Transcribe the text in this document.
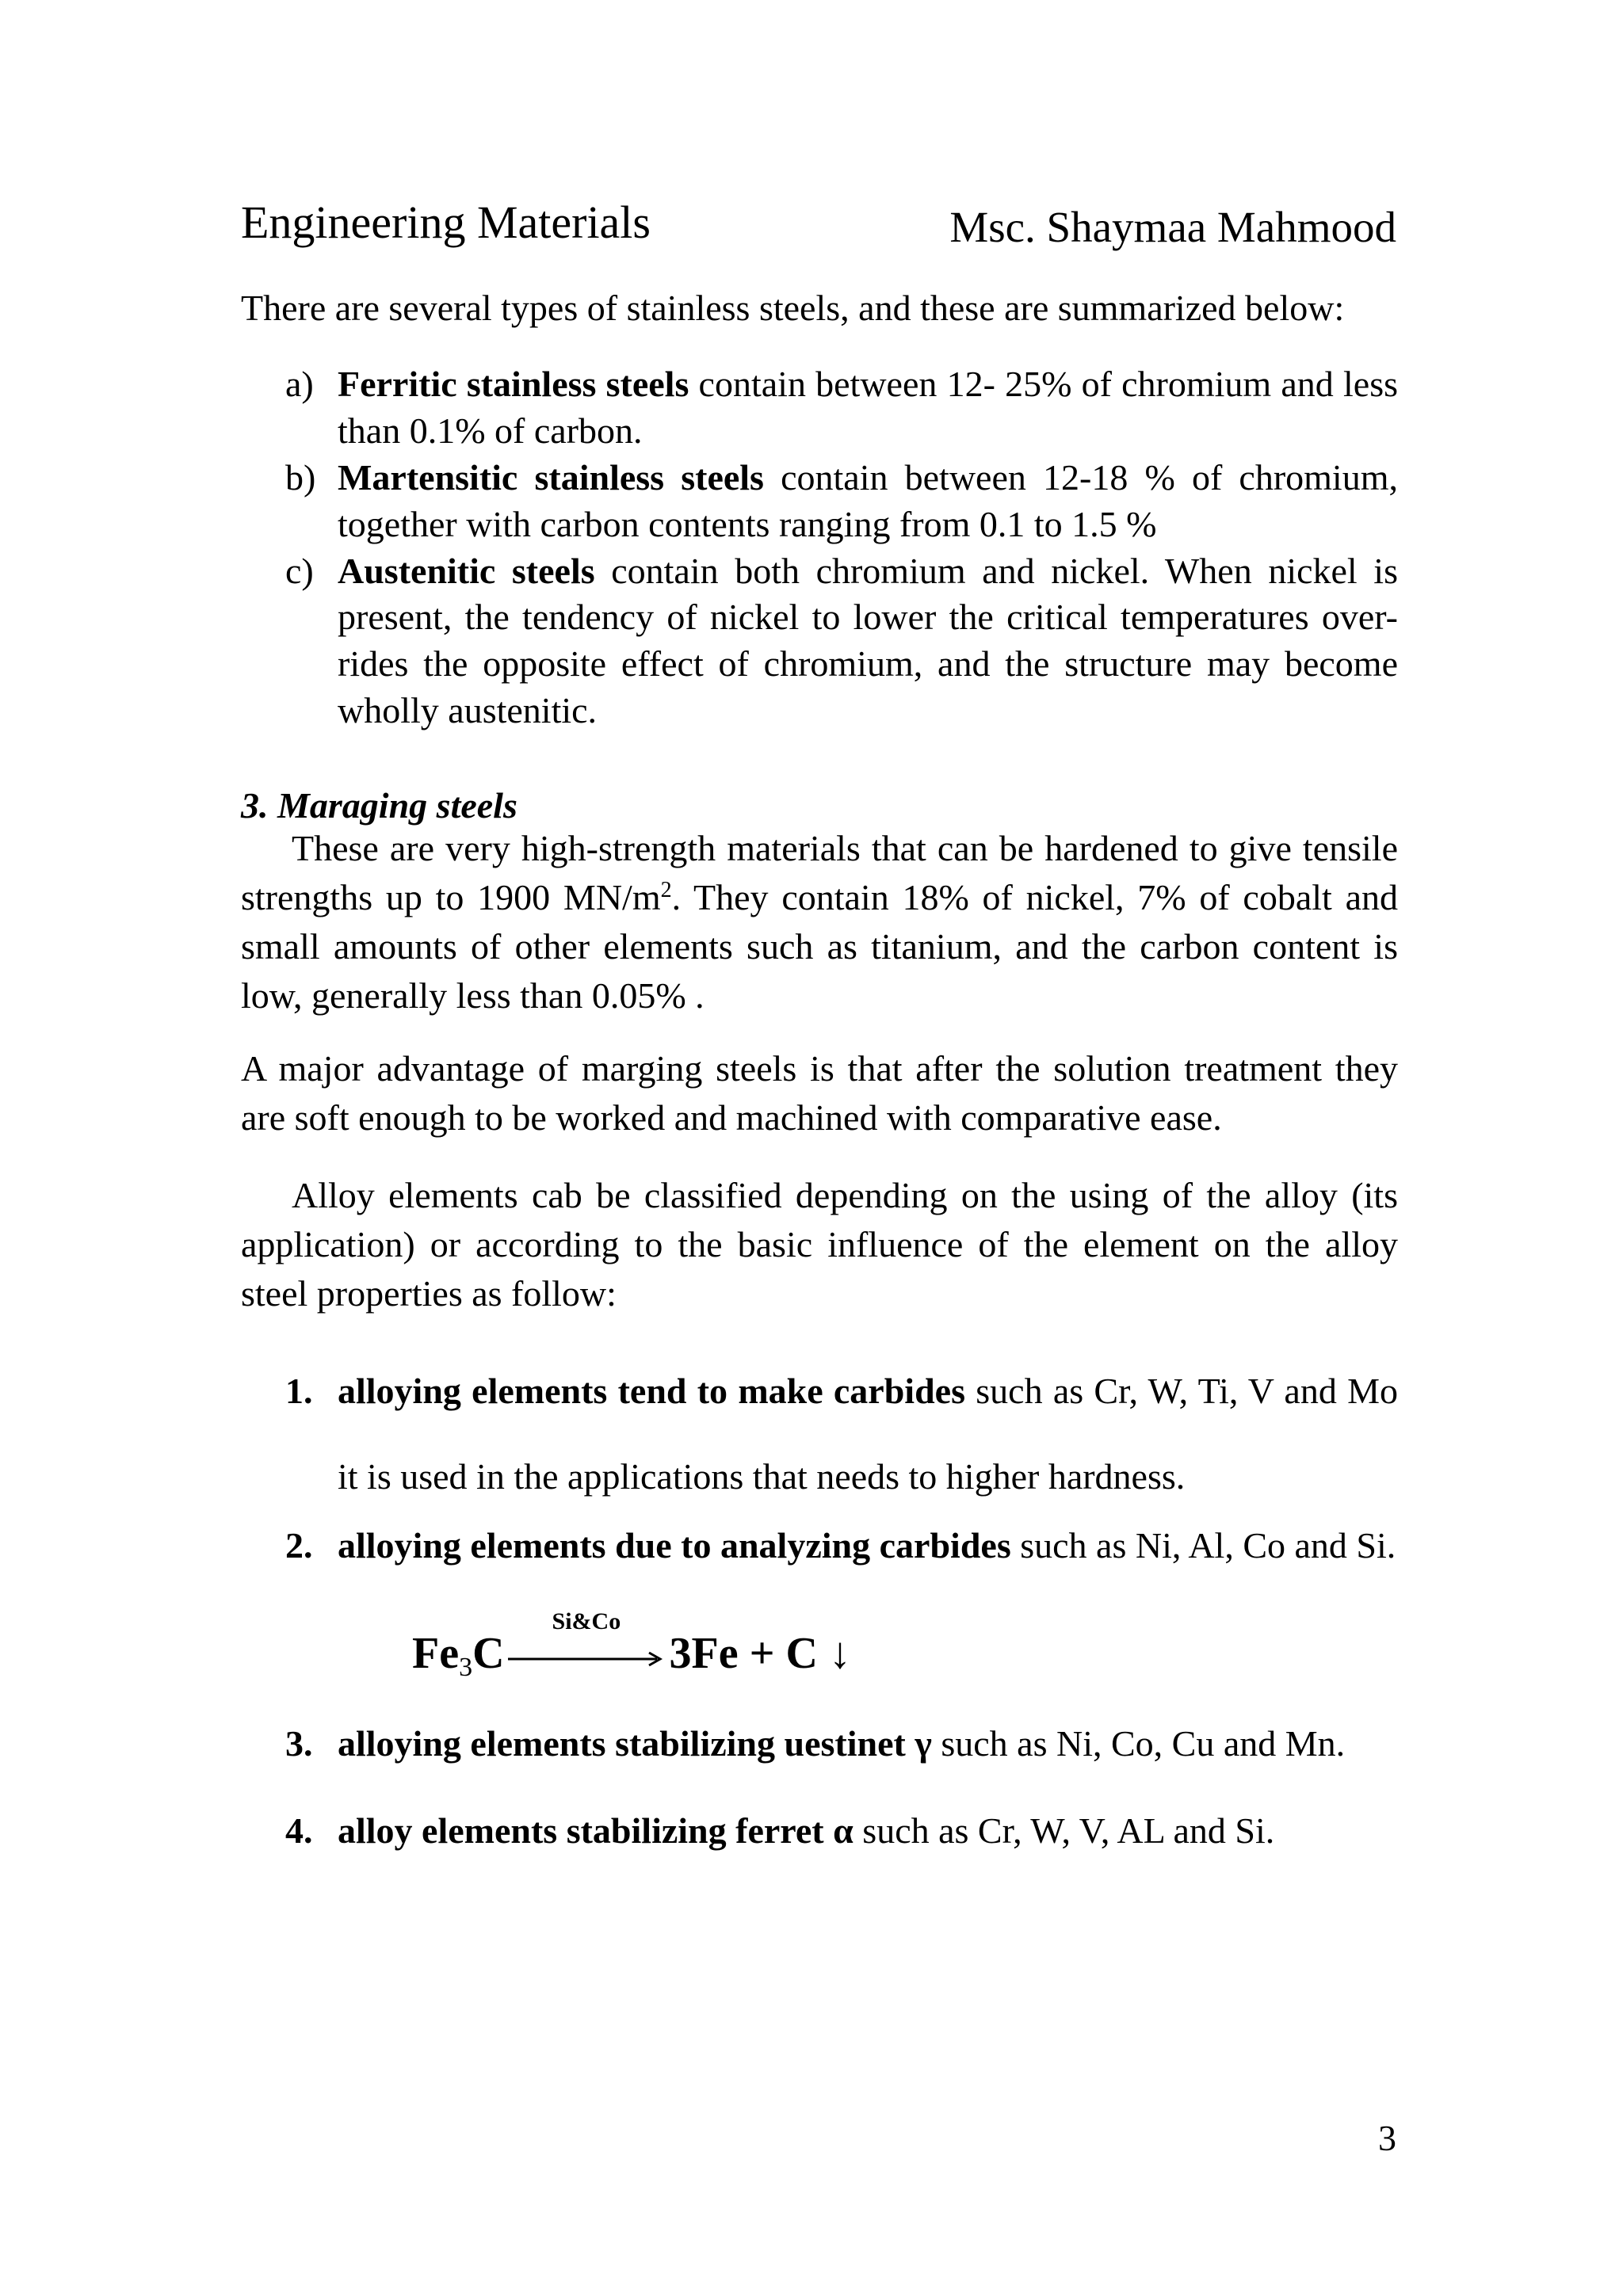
Engineering Materials	Msc. Shaymaa Mahmood
There are several types of stainless steels, and these are summarized below:
a) Ferritic stainless steels contain between 12- 25% of chromium and less than 0.1% of carbon.
b) Martensitic stainless steels contain between 12-18 % of chromium, together with carbon contents ranging from 0.1 to 1.5 %
c) Austenitic steels contain both chromium and nickel. When nickel is present, the tendency of nickel to lower the critical temperatures over-rides the opposite effect of chromium, and the structure may become wholly austenitic.
3. Maraging steels
These are very high-strength materials that can be hardened to give tensile strengths up to 1900 $MN/m^2$. They contain 18% of nickel, 7% of cobalt and small amounts of other elements such as titanium, and the carbon content is low, generally less than 0.05% .
A major advantage of marging steels is that after the solution treatment they are soft enough to be worked and machined with comparative ease.
Alloy elements cab be classified depending on the using of the alloy (its application) or according to the basic influence of the element on the alloy steel properties as follow:
1. alloying elements tend to make carbides such as Cr, W, Ti, V and Mo it is used in the applications that needs to higher hardness.
2. alloying elements due to analyzing carbides such as Ni, Al, Co and Si.
$Fe_3C$
Si&Co
3Fe + C ↓
3. alloying elements stabilizing uestinet γ such as Ni, Co, Cu and Mn.
4. alloy elements stabilizing ferret α such as Cr, W, V, AL and Si.
3
